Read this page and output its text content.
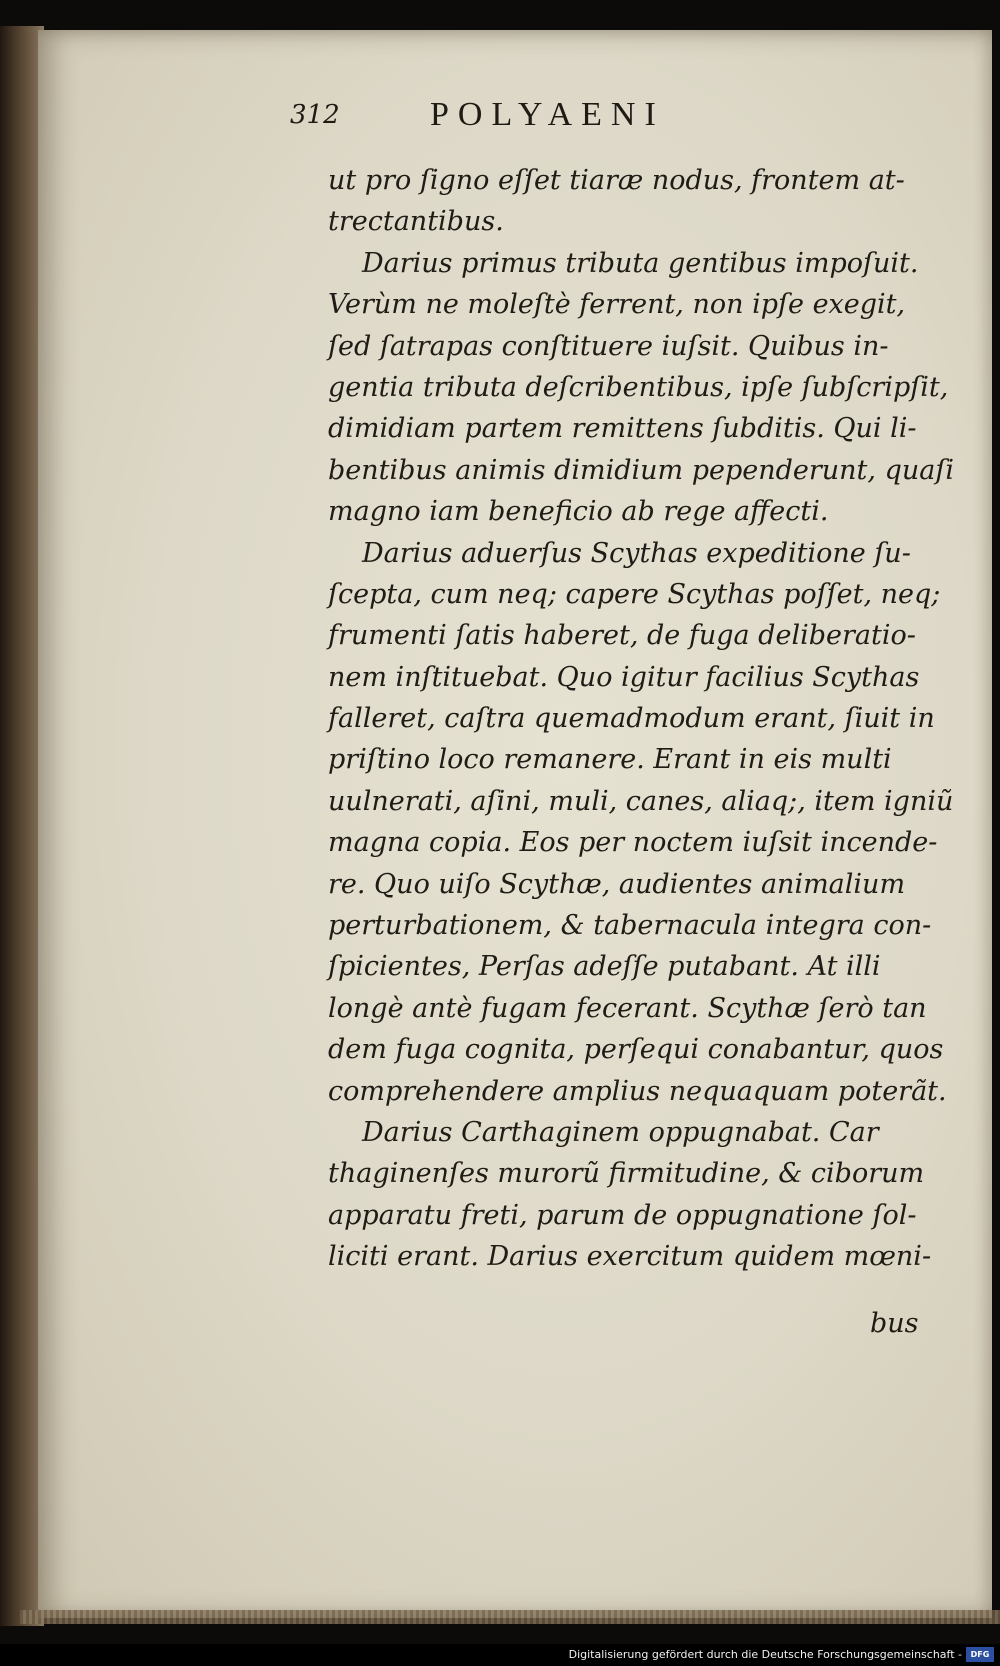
312	POLYAENI
ut pro ſigno eſſet tiaræ nodus, frontem at-
trectantibus.
Darius primus tributa gentibus impoſuit.
Verùm ne moleſtè ferrent, non ipſe exegit,
ſed ſatrapas conſtituere iuſsit. Quibus in-
gentia tributa deſcribentibus, ipſe ſubſcripſit,
dimidiam partem remittens ſubditis. Qui li-
bentibus animis dimidium pependerunt, quaſi
magno iam beneficio ab rege affecti.
Darius aduerſus Scythas expeditione ſu-
ſcepta, cum neq; capere Scythas poſſet, neq;
frumenti ſatis haberet, de fuga deliberatio-
nem inſtituebat. Quo igitur facilius Scythas
falleret, caſtra quemadmodum erant, ſiuit in
priſtino loco remanere. Erant in eis multi
uulnerati, aſini, muli, canes, aliaq;, item igniũ
magna copia. Eos per noctem iuſsit incende-
re. Quo uiſo Scythæ, audientes animalium
perturbationem, & tabernacula integra con-
ſpicientes, Perſas adeſſe putabant. At illi
longè antè fugam fecerant. Scythæ ſerò tan
dem fuga cognita, perſequi conabantur, quos
comprehendere amplius nequaquam poterãt.
Darius Carthaginem oppugnabat. Car
thaginenſes murorũ firmitudine, & ciborum
apparatu freti, parum de oppugnatione ſol-
liciti erant. Darius exercitum quidem mœni-
bus
Digitalisierung gefördert durch die Deutsche Forschungsgemeinschaft -	DFG
